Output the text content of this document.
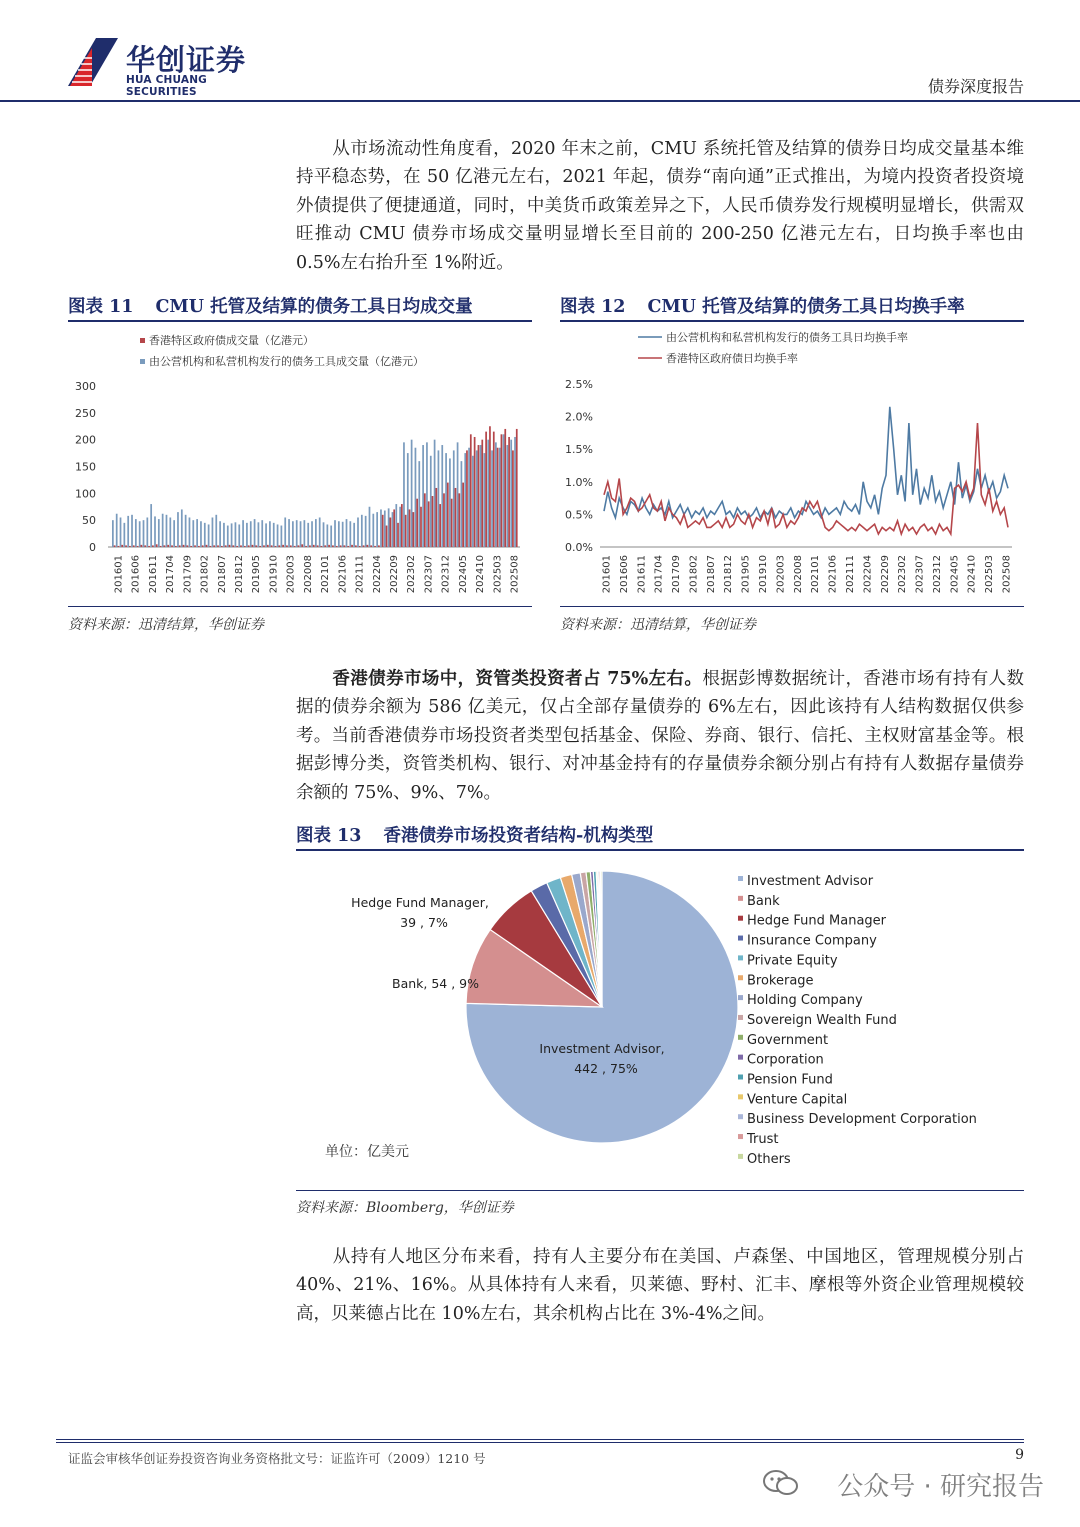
华创证券
HUA CHUANG SECURITIES	债券深度报告
从市场流动性角度看，2020 年末之前，CMU 系统托管及结算的债券日均成交量基本维持平稳态势，在 50 亿港元左右，2021 年起，债券“南向通”正式推出，为境内投资者投资境外债提供了便捷通道，同时，中美货币政策差异之下，人民币债券发行规模明显增长，供需双旺推动 CMU 债券市场成交量明显增长至目前的 200-250 亿港元左右，日均换手率也由 0.5%左右抬升至 1%附近。
图表 11 CMU 托管及结算的债务工具日均成交量	图表 12 CMU 托管及结算的债务工具日均换手率
香港特区政府债成交量（亿港元）
由公营机构和私营机构发行的债务工具成交量（亿港元）
0
50
100
150
200
250
300
201601 201606 201611 201704 201709 201802 201807 201812 201905 201910 202003 202008 202101 202106 202111 202204 202209 202302 202307 202312 202405 202410 202503 202508
资料来源：迅清结算，华创证券
由公营机构和私营机构发行的债务工具日均换手率
香港特区政府债日均换手率
0.0%
0.5%
1.0%
1.5%
2.0%
2.5%
201601 201606 201611 201704 201709 201802 201807 201812 201905 201910 202003 202008 202101 202106 202111 202204 202209 202302 202307 202312 202405 202410 202503 202508
资料来源：迅清结算，华创证券
香港债券市场中，资管类投资者占 75%左右。根据彭博数据统计，香港市场有持有人数据的债券余额为 586 亿美元，仅占全部存量债券的 6%左右，因此该持有人结构数据仅供参考。当前香港债券市场投资者类型包括基金、保险、券商、银行、信托、主权财富基金等。根据彭博分类，资管类机构、银行、对冲基金持有的存量债券余额分别占有持有人数据存量债券余额的 75%、9%、7%。
图表 13 香港债券市场投资者结构-机构类型
Investment Advisor,
442 , 75%
Bank, 54 , 9%
Hedge Fund Manager,
39 , 7%
Investment Advisor
Bank
Hedge Fund Manager
Insurance Company
Private Equity
Brokerage
Holding Company
Sovereign Wealth Fund
Government
Corporation
Pension Fund
Venture Capital
Business Development Corporation
Trust
Others
单位：亿美元
资料来源：Bloomberg，华创证券
从持有人地区分布来看，持有人主要分布在美国、卢森堡、中国地区，管理规模分别占 40%、21%、16%。从具体持有人来看，贝莱德、野村、汇丰、摩根等外资企业管理规模较高，贝莱德占比在 10%左右，其余机构占比在 3%-4%之间。
证监会审核华创证券投资咨询业务资格批文号：证监许可（2009）1210 号	9
公众号 · 研究报告
